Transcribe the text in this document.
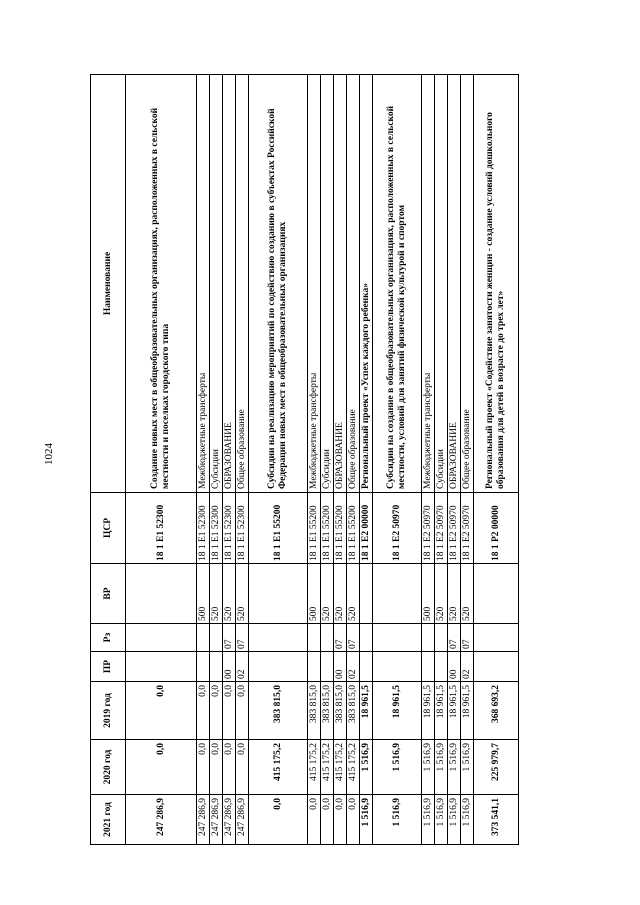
1024
2021 год	2020 год	2019 год	ПР	Рз	ВР	ЦСР	Наименование
247 286,9	0,0	0,0				18 1 E1 52300	Создание новых мест в общеобразовательных организациях, расположенных в сельской местности и поселках городского типа
247 286,9	0,0	0,0			500	18 1 E1 52300	Межбюджетные трансферты
247 286,9	0,0	0,0			520	18 1 E1 52300	Субсидии
247 286,9	0,0	0,0	00	07	520	18 1 E1 52300	ОБРАЗОВАНИЕ
247 286,9	0,0	0,0	02	07	520	18 1 E1 52300	Общее образование
0,0	415 175,2	383 815,0				18 1 E1 55200	Субсидии на реализацию мероприятий по содействию созданию в субъектах Российской Федерации новых мест в общеобразовательных организациях
0,0	415 175,2	383 815,0			500	18 1 E1 55200	Межбюджетные трансферты
0,0	415 175,2	383 815,0			520	18 1 E1 55200	Субсидии
0,0	415 175,2	383 815,0	00	07	520	18 1 E1 55200	ОБРАЗОВАНИЕ
0,0	415 175,2	383 815,0	02	07	520	18 1 E1 55200	Общее образование
1 516,9	1 516,9	18 961,5				18 1 E2 00000	Региональный проект «Успех каждого ребенка»
1 516,9	1 516,9	18 961,5				18 1 E2 50970	Субсидии на создание в общеобразовательных организациях, расположенных в сельской местности, условий для занятий физической культурой и спортом
1 516,9	1 516,9	18 961,5			500	18 1 E2 50970	Межбюджетные трансферты
1 516,9	1 516,9	18 961,5			520	18 1 E2 50970	Субсидии
1 516,9	1 516,9	18 961,5	00	07	520	18 1 E2 50970	ОБРАЗОВАНИЕ
1 516,9	1 516,9	18 961,5	02	07	520	18 1 E2 50970	Общее образование
373 541,1	225 979,7	368 693,2				18 1 P2 00000	Региональный проект «Содействие занятости женщин - создание условий дошкольного образования для детей в возрасте до трех лет»
